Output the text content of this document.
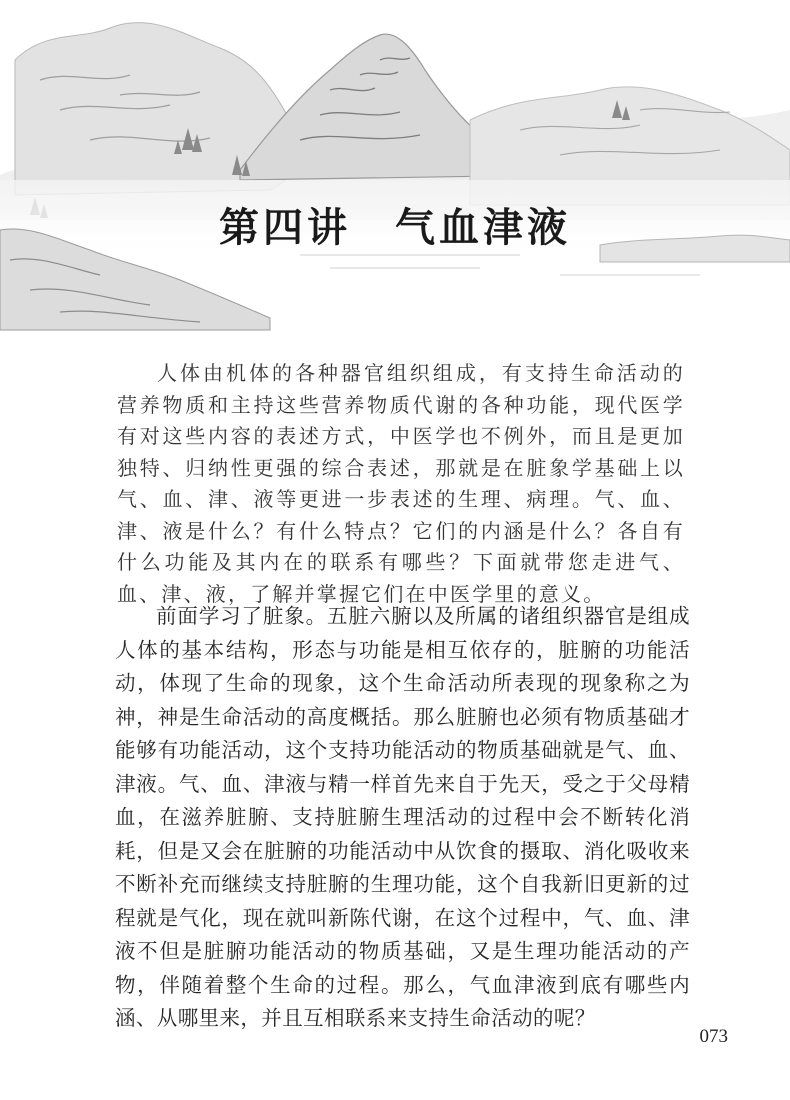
第四讲　气血津液

人体由机体的各种器官组织组成，有支持生命活动的营养物质和主持这些营养物质代谢的各种功能，现代医学有对这些内容的表述方式，中医学也不例外，而且是更加独特、归纳性更强的综合表述，那就是在脏象学基础上以气、血、津、液等更进一步表述的生理、病理。气、血、津、液是什么？有什么特点？它们的内涵是什么？各自有什么功能及其内在的联系有哪些？下面就带您走进气、血、津、液，了解并掌握它们在中医学里的意义。

前面学习了脏象。五脏六腑以及所属的诸组织器官是组成人体的基本结构，形态与功能是相互依存的，脏腑的功能活动，体现了生命的现象，这个生命活动所表现的现象称之为神，神是生命活动的高度概括。那么脏腑也必须有物质基础才能够有功能活动，这个支持功能活动的物质基础就是气、血、津液。气、血、津液与精一样首先来自于先天，受之于父母精血，在滋养脏腑、支持脏腑生理活动的过程中会不断转化消耗，但是又会在脏腑的功能活动中从饮食的摄取、消化吸收来不断补充而继续支持脏腑的生理功能，这个自我新旧更新的过程就是气化，现在就叫新陈代谢，在这个过程中，气、血、津液不但是脏腑功能活动的物质基础，又是生理功能活动的产物，伴随着整个生命的过程。那么，气血津液到底有哪些内涵、从哪里来，并且互相联系来支持生命活动的呢？

073
